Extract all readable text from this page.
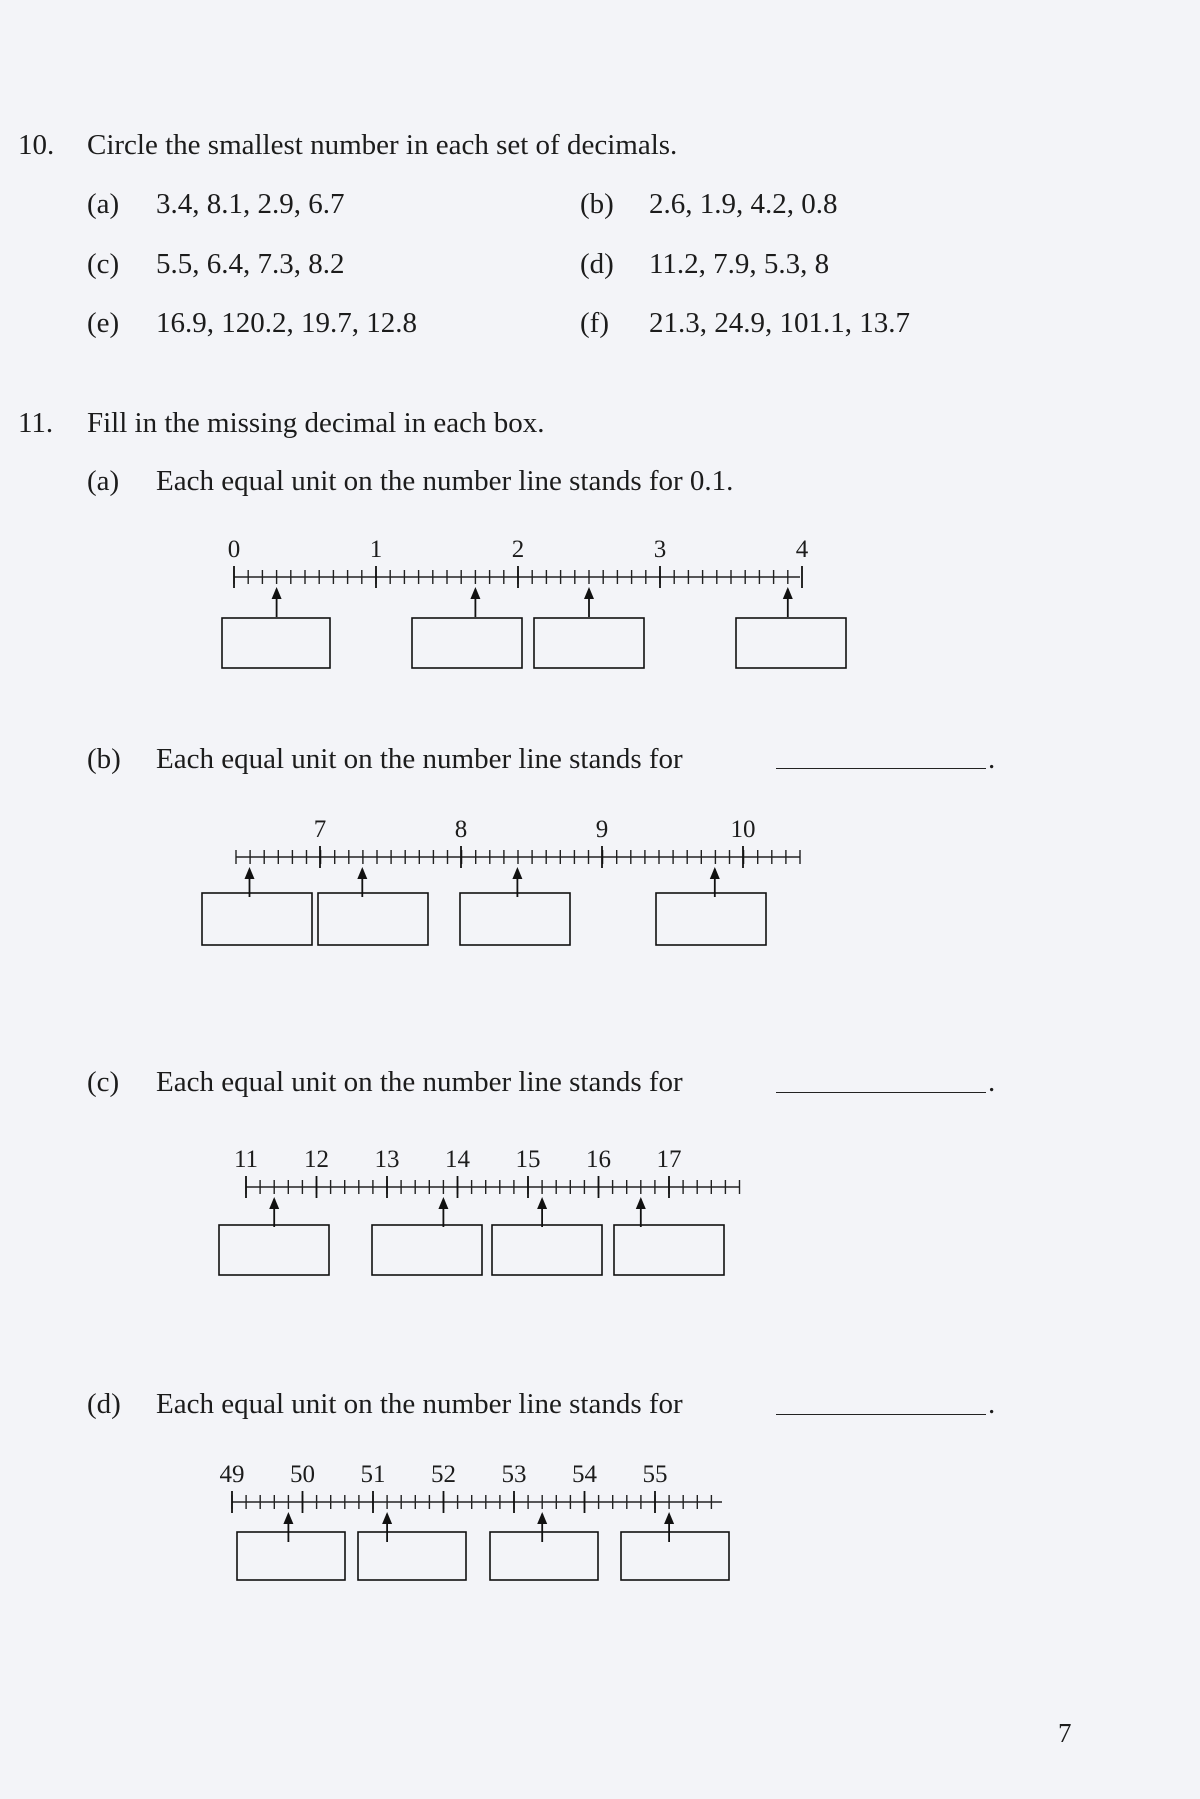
10. Circle the smallest number in each set of decimals.
(a) 3.4, 8.1, 2.9, 6.7	(b) 2.6, 1.9, 4.2, 0.8
(c) 5.5, 6.4, 7.3, 8.2	(d) 11.2, 7.9, 5.3, 8
(e) 16.9, 120.2, 19.7, 12.8	(f) 21.3, 24.9, 101.1, 13.7
11. Fill in the missing decimal in each box.
(a) Each equal unit on the number line stands for 0.1.
0	1	2	3	4
(b) Each equal unit on the number line stands for	.
7	8	9	10
(c) Each equal unit on the number line stands for	.
11 12 13 14 15 16 17
(d) Each equal unit on the number line stands for	.
49 50 51 52 53 54 55
7
